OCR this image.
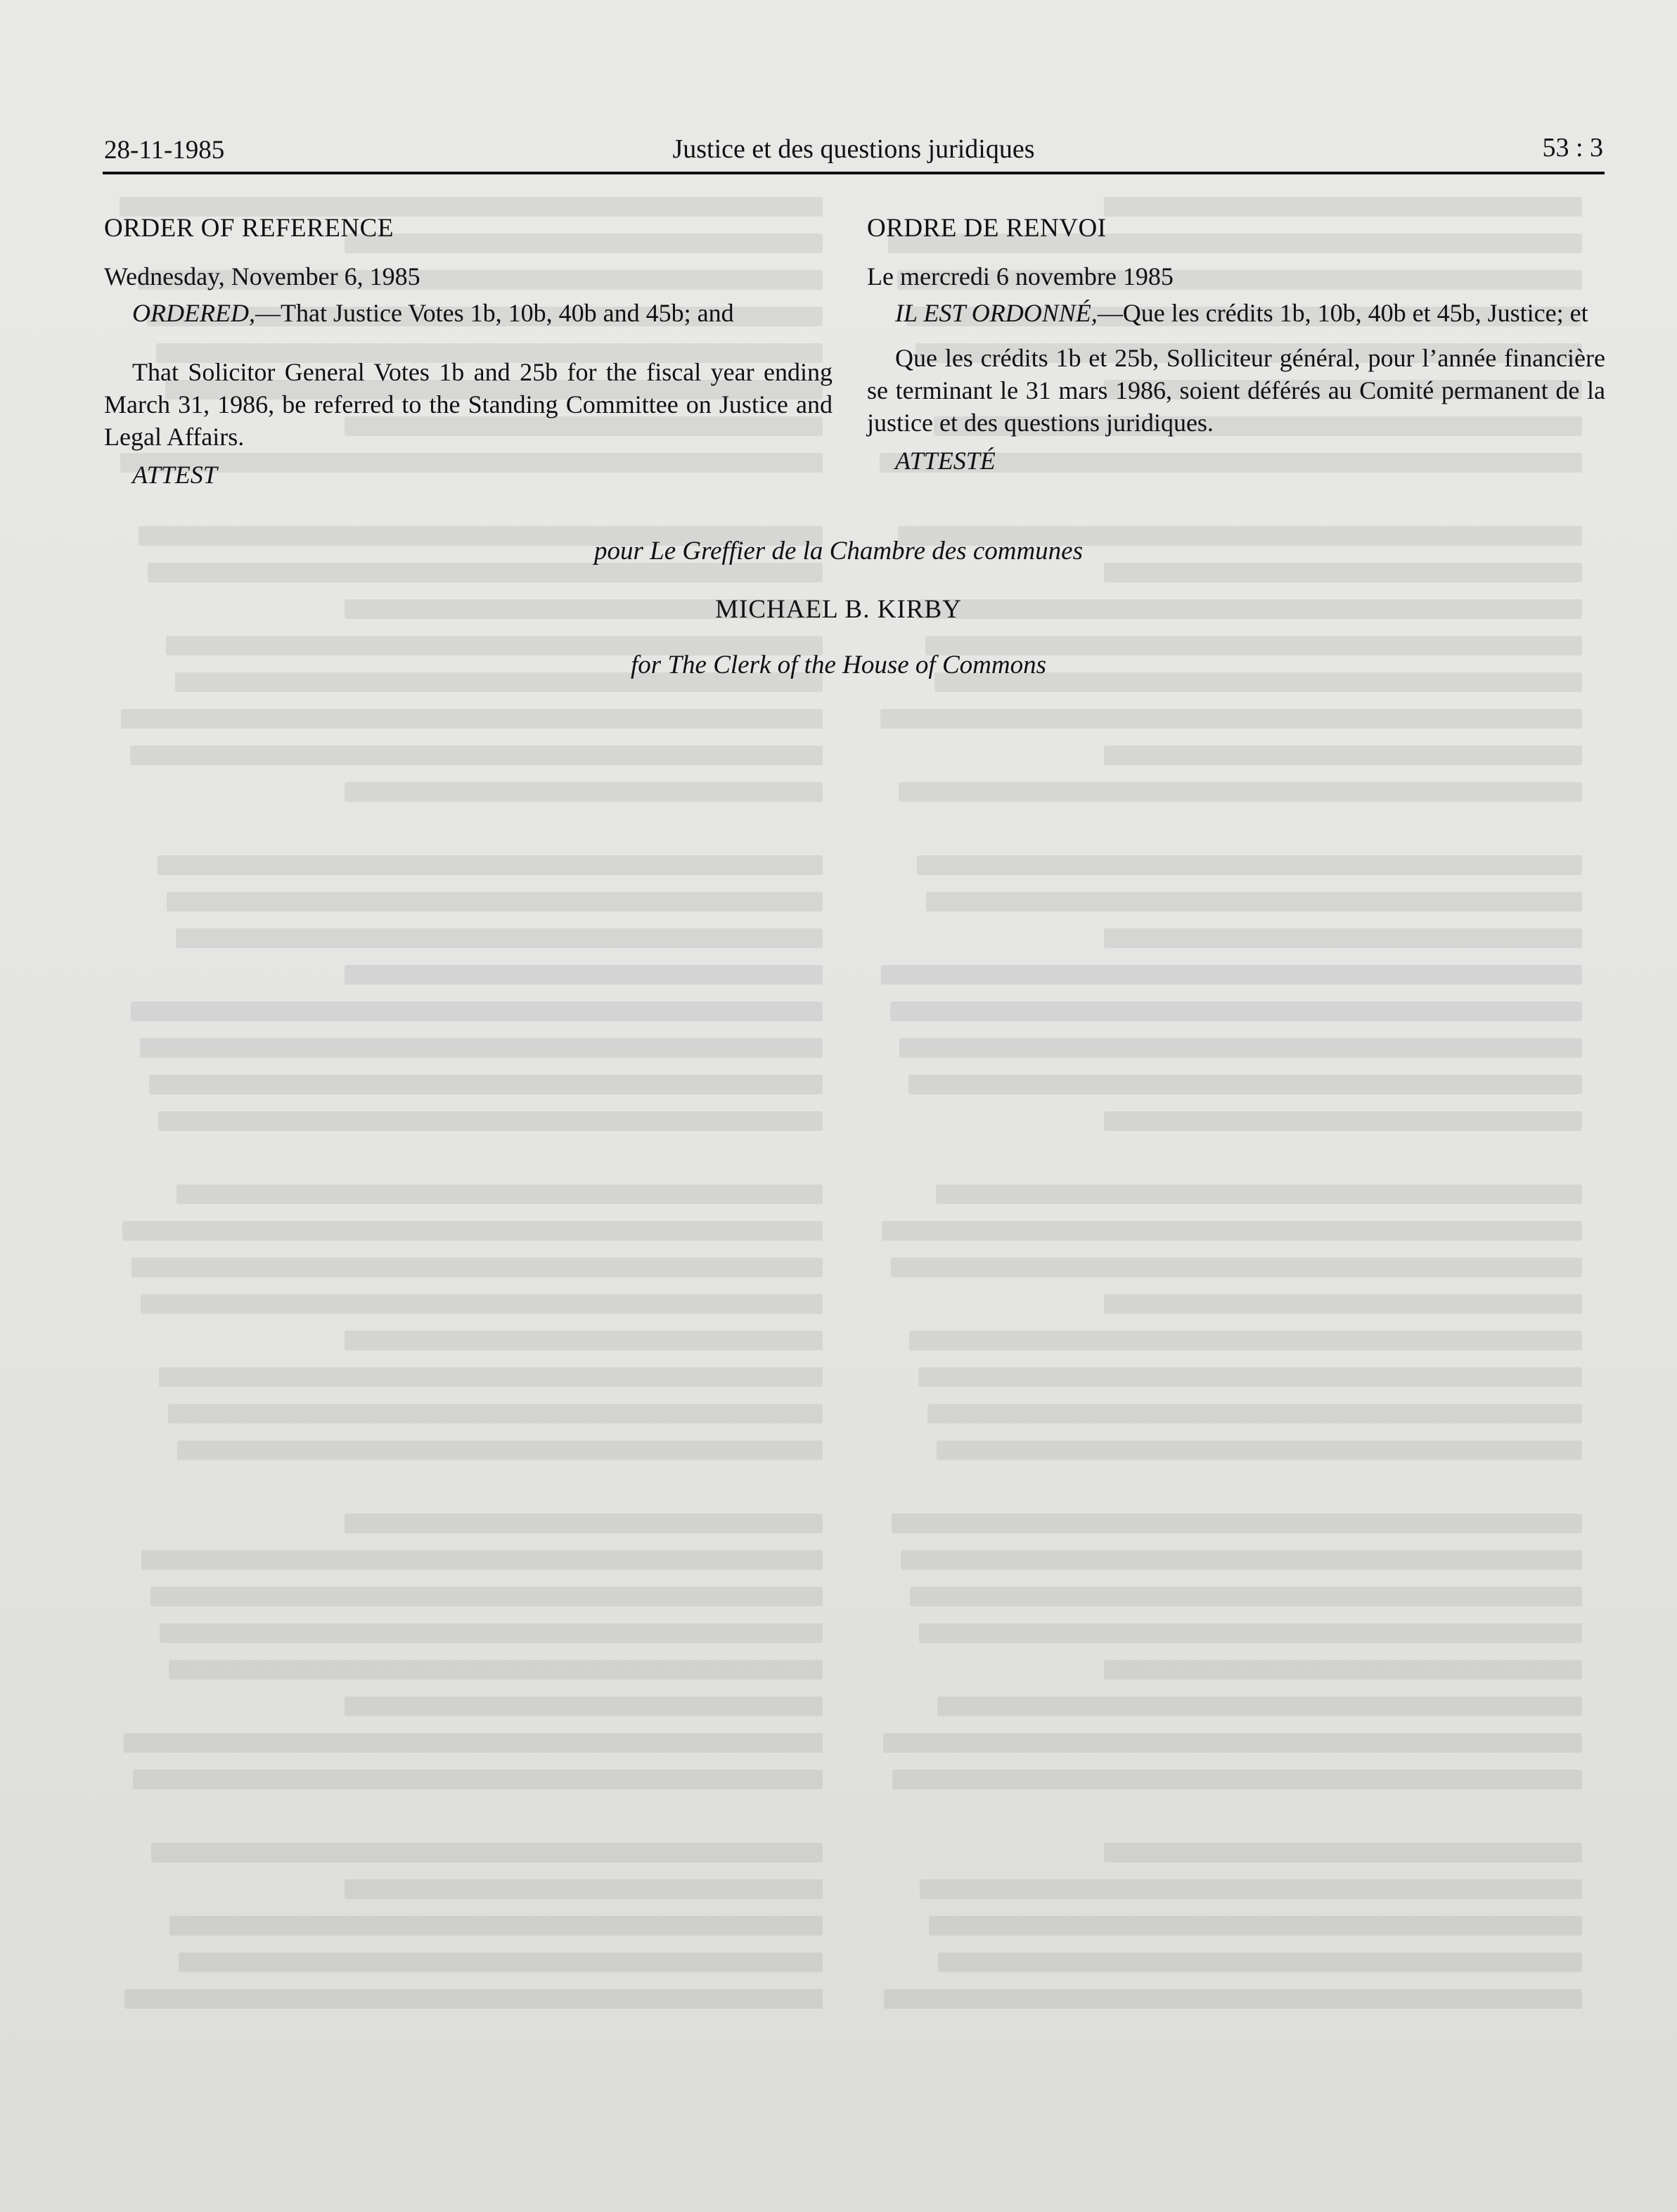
28-11-1985	Justice et des questions juridiques	53 : 3
ORDER OF REFERENCE
Wednesday, November 6, 1985

ORDERED,—That Justice Votes 1b, 10b, 40b and 45b; and

That Solicitor General Votes 1b and 25b for the fiscal year ending March 31, 1986, be referred to the Standing Committee on Justice and Legal Affairs.

ATTEST
ORDRE DE RENVOI
Le mercredi 6 novembre 1985

IL EST ORDONNÉ,—Que les crédits 1b, 10b, 40b et 45b, Justice; et

Que les crédits 1b et 25b, Solliciteur général, pour l’année financière se terminant le 31 mars 1986, soient déférés au Comité permanent de la justice et des questions juridiques.

ATTESTÉ
pour Le Greffier de la Chambre des communes
MICHAEL B. KIRBY
for The Clerk of the House of Commons
